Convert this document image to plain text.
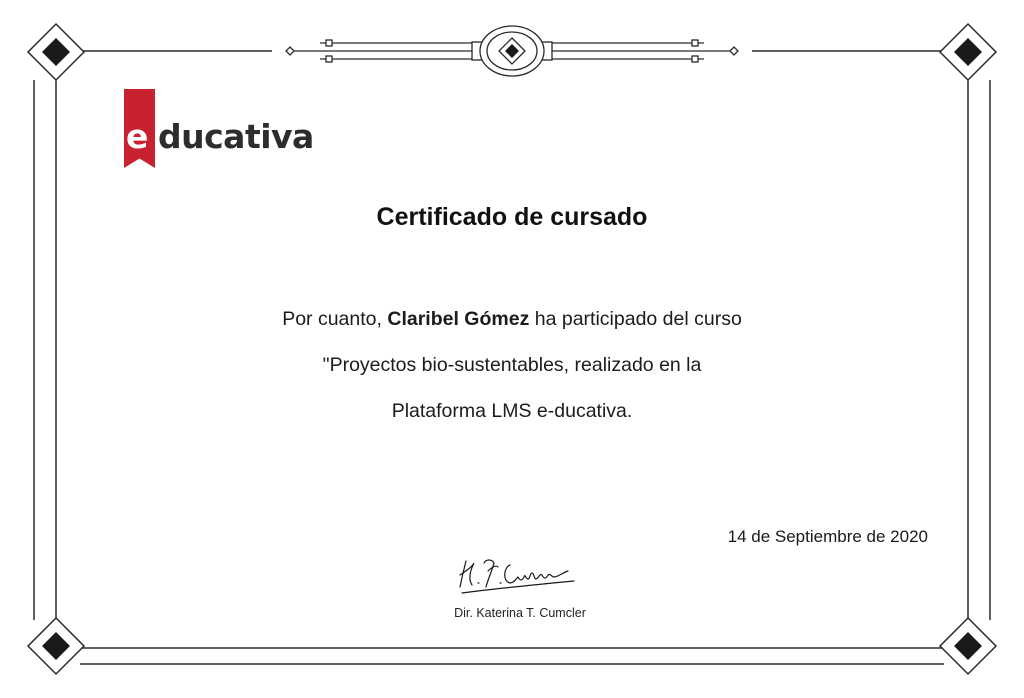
e ducativa
Certificado de cursado
Por cuanto, Claribel Gómez ha participado del curso
"Proyectos bio-sustentables, realizado en la
Plataforma LMS e-ducativa.
14 de Septiembre de 2020
Dir. Katerina T. Cumcler
